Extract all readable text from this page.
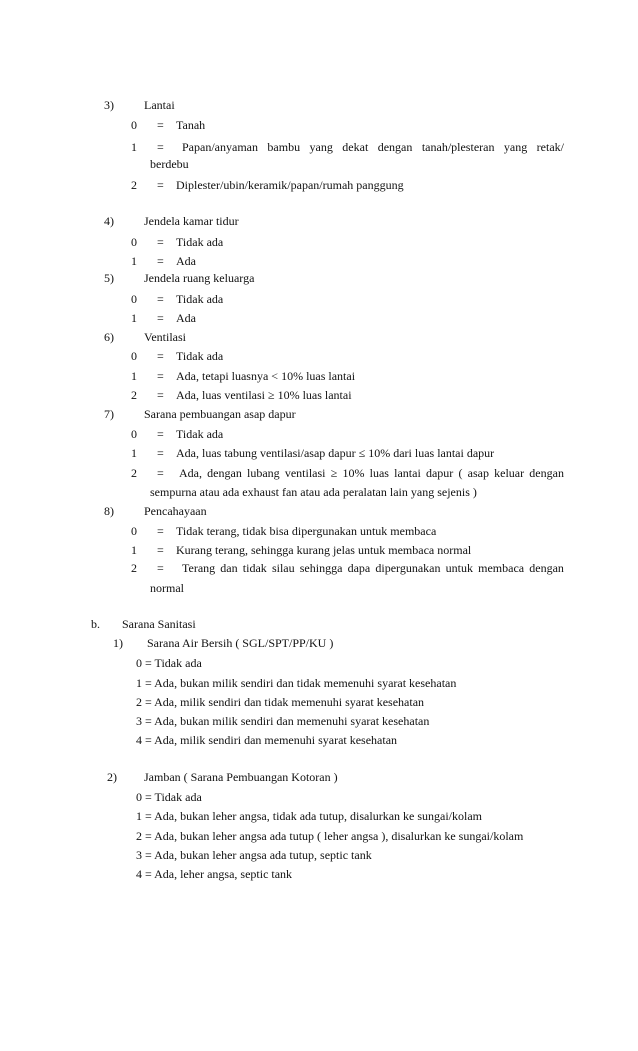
3)	Lantai
0 = Tanah
1 = Papan/anyaman bambu yang dekat dengan tanah/plesteran yang retak/
berdebu
2 = Diplester/ubin/keramik/papan/rumah panggung
4)	Jendela kamar tidur
0 = Tidak ada
1 = Ada
5)	Jendela ruang keluarga
0 = Tidak ada
1 = Ada
6)	Ventilasi
0 = Tidak ada
1 = Ada, tetapi luasnya < 10% luas lantai
2 = Ada, luas ventilasi ≥ 10% luas lantai
7)	Sarana pembuangan asap dapur
0 = Tidak ada
1 = Ada, luas tabung ventilasi/asap dapur ≤ 10% dari luas lantai dapur
2 = Ada, dengan lubang ventilasi ≥ 10% luas lantai dapur ( asap keluar dengan
sempurna atau ada exhaust fan atau ada peralatan lain yang sejenis )
8)	Pencahayaan
0 = Tidak terang, tidak bisa dipergunakan untuk membaca
1 = Kurang terang, sehingga kurang jelas untuk membaca normal
2 = Terang dan tidak silau sehingga dapa dipergunakan untuk membaca dengan
normal
b. Sarana Sanitasi
1) Sarana Air Bersih ( SGL/SPT/PP/KU )
0 = Tidak ada
1 = Ada, bukan milik sendiri dan tidak memenuhi syarat kesehatan
2 = Ada, milik sendiri dan tidak memenuhi syarat kesehatan
3 = Ada, bukan milik sendiri dan memenuhi syarat kesehatan
4 = Ada, milik sendiri dan memenuhi syarat kesehatan
2) Jamban ( Sarana Pembuangan Kotoran )
0 = Tidak ada
1 = Ada, bukan leher angsa, tidak ada tutup, disalurkan ke sungai/kolam
2 = Ada, bukan leher angsa ada tutup ( leher angsa ), disalurkan ke sungai/kolam
3 = Ada, bukan leher angsa ada tutup, septic tank
4 = Ada, leher angsa, septic tank
